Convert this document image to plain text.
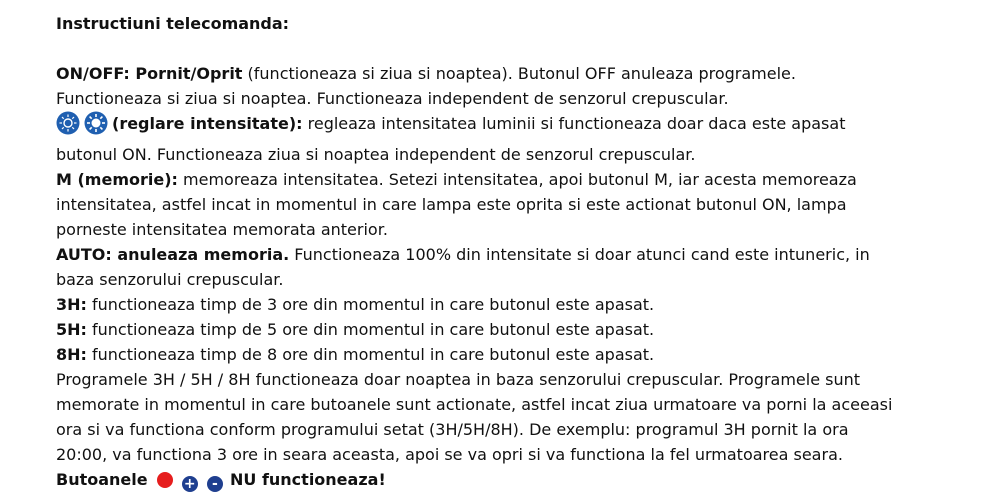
Instructiuni telecomanda:

ON/OFF: Pornit/Oprit (functioneaza si ziua si noaptea). Butonul OFF anuleaza programele.

Functioneaza si ziua si noaptea. Functioneaza independent de senzorul crepuscular.

(reglare intensitate): regleaza intensitatea luminii si functioneaza doar daca este apasat

butonul ON. Functioneaza ziua si noaptea independent de senzorul crepuscular.

M (memorie): memoreaza intensitatea. Setezi intensitatea, apoi butonul M, iar acesta memoreaza

intensitatea, astfel incat in momentul in care lampa este oprita si este actionat butonul ON, lampa

porneste intensitatea memorata anterior.

AUTO: anuleaza memoria. Functioneaza 100% din intensitate si doar atunci cand este intuneric, in

baza senzorului crepuscular.

3H: functioneaza timp de 3 ore din momentul in care butonul este apasat.

5H: functioneaza timp de 5 ore din momentul in care butonul este apasat.

8H: functioneaza timp de 8 ore din momentul in care butonul este apasat.

Programele 3H / 5H / 8H functioneaza doar noaptea in baza senzorului crepuscular. Programele sunt

memorate in momentul in care butoanele sunt actionate, astfel incat ziua urmatoare va porni la aceeasi

ora si va functiona conform programului setat (3H/5H/8H). De exemplu: programul 3H pornit la ora

20:00, va functiona 3 ore in seara aceasta, apoi se va opri si va functiona la fel urmatoarea seara.

Butoanele	+ - NU functioneaza!
